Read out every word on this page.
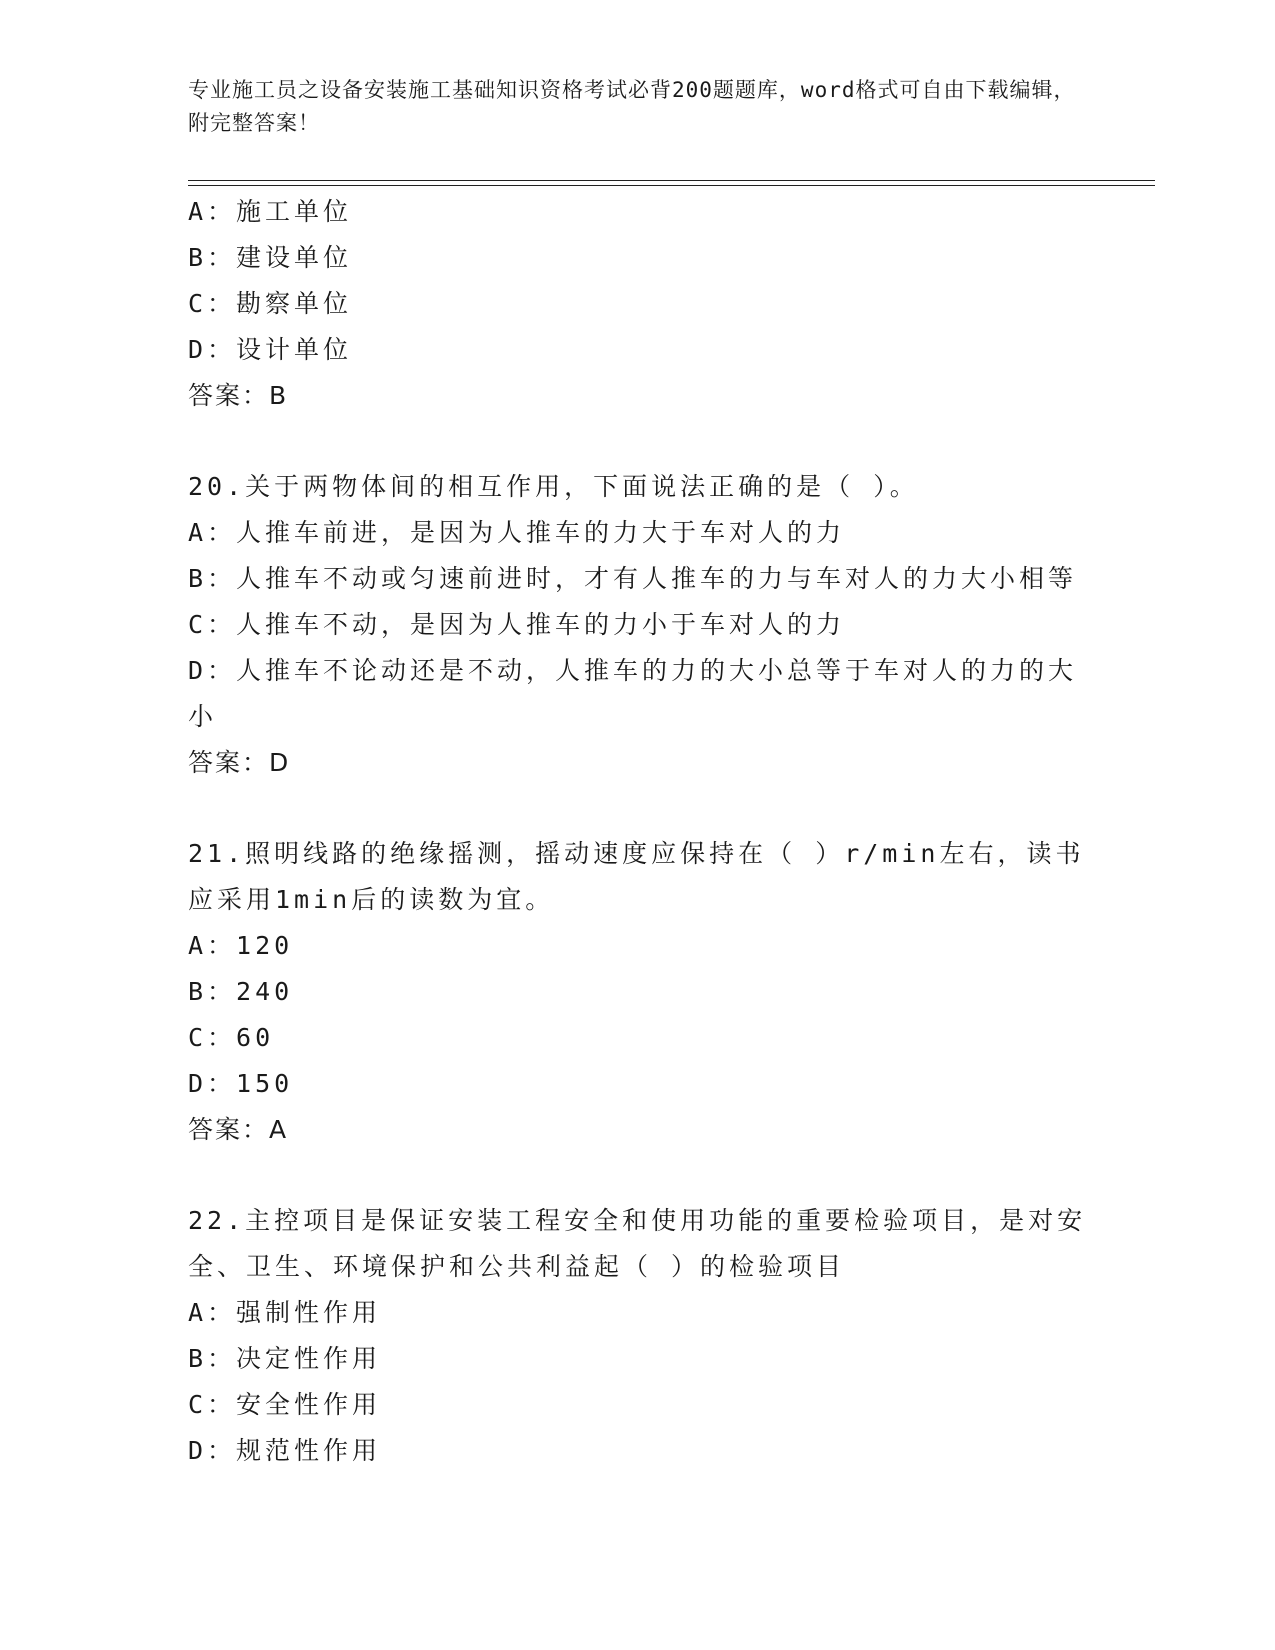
专业施工员之设备安装施工基础知识资格考试必背200题题库，word格式可自由下载编辑，附完整答案！
A：施工单位
B：建设单位
C：勘察单位
D：设计单位
答案：B
20.关于两物体间的相互作用，下面说法正确的是（ ）。
A：人推车前进，是因为人推车的力大于车对人的力
B：人推车不动或匀速前进时，才有人推车的力与车对人的力大小相等
C：人推车不动，是因为人推车的力小于车对人的力
D：人推车不论动还是不动，人推车的力的大小总等于车对人的力的大小
答案：D
21.照明线路的绝缘摇测，摇动速度应保持在（ ）r/min左右，读书应采用1min后的读数为宜。
A：120
B：240
C：60
D：150
答案：A
22.主控项目是保证安装工程安全和使用功能的重要检验项目，是对安全、卫生、环境保护和公共利益起（ ）的检验项目
A：强制性作用
B：决定性作用
C：安全性作用
D：规范性作用
